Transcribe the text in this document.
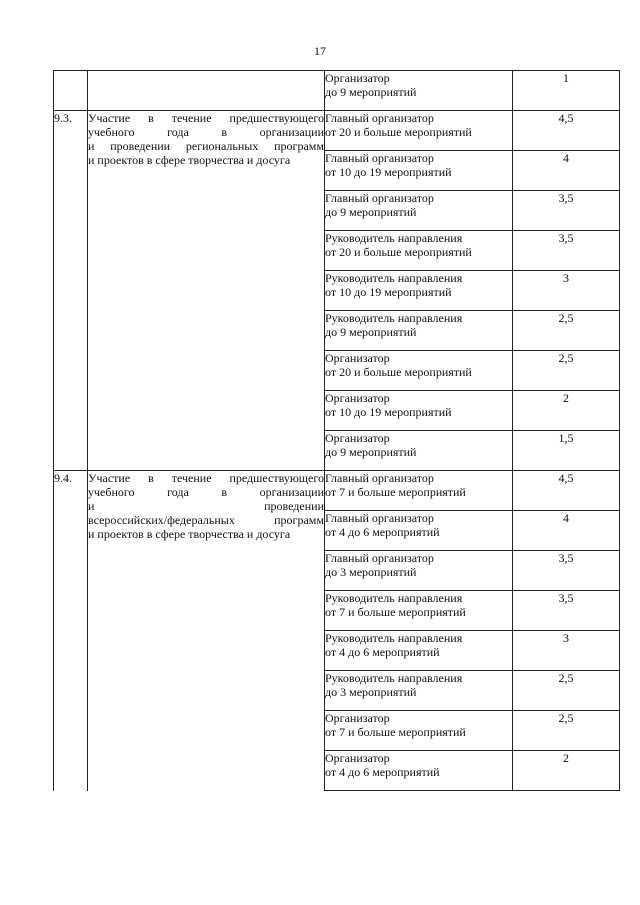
17

		Организатор
до 9 мероприятий	1
9.3.	Участие в течение предшествующего
учебного года в организации
и проведении региональных программ
и проектов в сфере творчества и досуга	Главный организатор
от 20 и больше мероприятий	4,5

		Главный организатор
от 10 до 19 мероприятий	4

		Главный организатор
до 9 мероприятий	3,5

		Руководитель направления
от 20 и больше мероприятий	3,5

		Руководитель направления
от 10 до 19 мероприятий	3

		Руководитель направления
до 9 мероприятий	2,5

		Организатор
от 20 и больше мероприятий	2,5

		Организатор
от 10 до 19 мероприятий	2

		Организатор
до 9 мероприятий	1,5
9.4.	Участие в течение предшествующего
учебного года в организации
и проведении
всероссийских/федеральных программ
и проектов в сфере творчества и досуга	Главный организатор
от 7 и больше мероприятий	4,5

		Главный организатор
от 4 до 6 мероприятий	4

		Главный организатор
до 3 мероприятий	3,5

		Руководитель направления
от 7 и больше мероприятий	3,5

		Руководитель направления
от 4 до 6 мероприятий	3

		Руководитель направления
до 3 мероприятий	2,5

		Организатор
от 7 и больше мероприятий	2,5

		Организатор
от 4 до 6 мероприятий	2
